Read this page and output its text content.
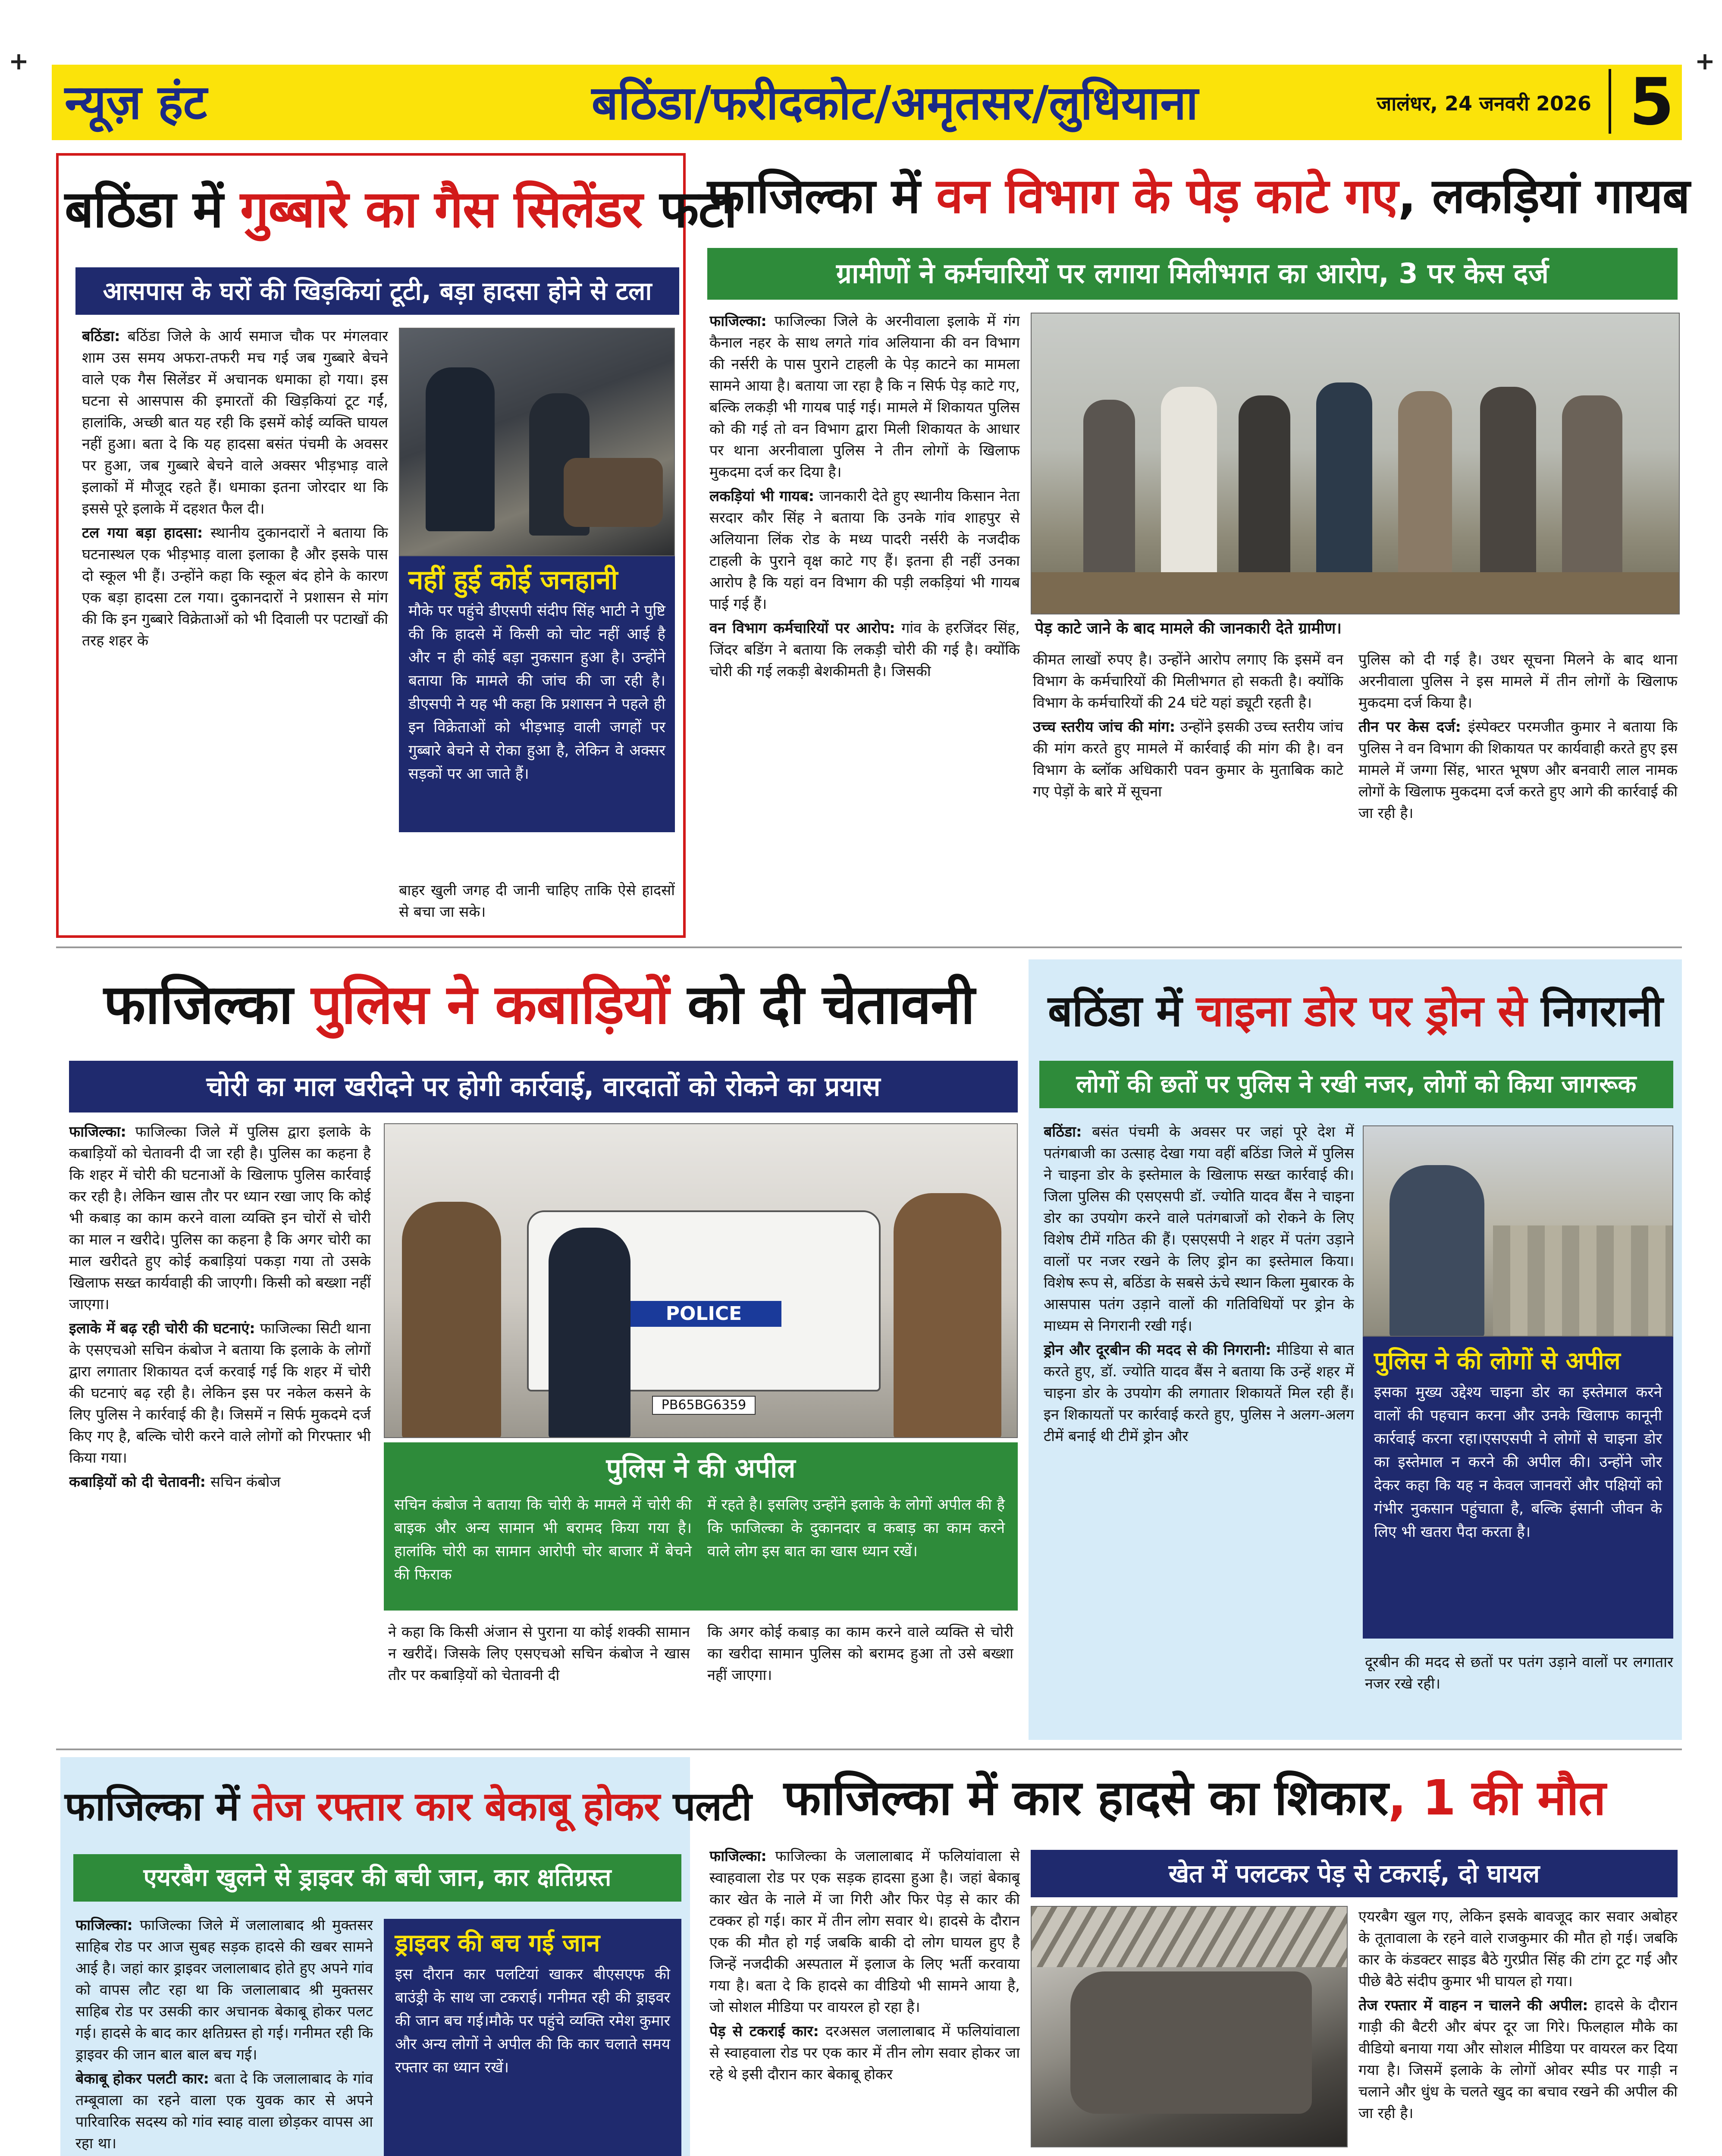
न्यूज़ हंट	बठिंडा/फरीदकोट/अमृतसर/लुधियाना	जालंधर, 24 जनवरी 2026 5
+	+
बठिंडा में गुब्बारे का गैस सिलेंडर फटा
आसपास के घरों की खिड़कियां टूटी, बड़ा हादसा होने से टला

बठिंडा: बठिंडा जिले के आर्य समाज चौक पर मंगलवार शाम उस समय अफरा-तफरी मच गई जब गुब्बारे बेचने वाले एक गैस सिलेंडर में अचानक धमाका हो गया। इस घटना से आसपास की इमारतों की खिड़कियां टूट गईं, हालांकि, अच्छी बात यह रही कि इसमें कोई व्यक्ति घायल नहीं हुआ। बता दे कि यह हादसा बसंत पंचमी के अवसर पर हुआ, जब गुब्बारे बेचने वाले अक्सर भीड़भाड़ वाले इलाकों में मौजूद रहते हैं। धमाका इतना जोरदार था कि इससे पूरे इलाके में दहशत फैल दी।

टल गया बड़ा हादसा: स्थानीय दुकानदारों ने बताया कि घटनास्थल एक भीड़भाड़ वाला इलाका है और इसके पास दो स्कूल भी हैं। उन्होंने कहा कि स्कूल बंद होने के कारण एक बड़ा हादसा टल गया। दुकानदारों ने प्रशासन से मांग की कि इन गुब्बारे विक्रेताओं को भी दिवाली पर पटाखों की तरह शहर के

नहीं हुई कोई जनहानी
मौके पर पहुंचे डीएसपी संदीप सिंह भाटी ने पुष्टि की कि हादसे में किसी को चोट नहीं आई है और न ही कोई बड़ा नुकसान हुआ है। उन्होंने बताया कि मामले की जांच की जा रही है। डीएसपी ने यह भी कहा कि प्रशासन ने पहले ही इन विक्रेताओं को भीड़भाड़ वाली जगहों पर गुब्बारे बेचने से रोका हुआ है, लेकिन वे अक्सर सड़कों पर आ जाते हैं।
बाहर खुली जगह दी जानी चाहिए ताकि ऐसे हादसों से बचा जा सके।
फाजिल्का में वन विभाग के पेड़ काटे गए, लकड़ियां गायब
ग्रामीणों ने कर्मचारियों पर लगाया मिलीभगत का आरोप, 3 पर केस दर्ज

फाजिल्का: फाजिल्का जिले के अरनीवाला इलाके में गंग कैनाल नहर के साथ लगते गांव अलियाना की वन विभाग की नर्सरी के पास पुराने टाहली के पेड़ काटने का मामला सामने आया है। बताया जा रहा है कि न सिर्फ पेड़ काटे गए, बल्कि लकड़ी भी गायब पाई गई। मामले में शिकायत पुलिस को की गई तो वन विभाग द्वारा मिली शिकायत के आधार पर थाना अरनीवाला पुलिस ने तीन लोगों के खिलाफ मुकदमा दर्ज कर दिया है।

लकड़ियां भी गायब: जानकारी देते हुए स्थानीय किसान नेता सरदार कौर सिंह ने बताया कि उनके गांव शाहपुर से अलियाना लिंक रोड के मध्य पादरी नर्सरी के नजदीक टाहली के पुराने वृक्ष काटे गए हैं। इतना ही नहीं उनका आरोप है कि यहां वन विभाग की पड़ी लकड़ियां भी गायब पाई गई हैं।

वन विभाग कर्मचारियों पर आरोप: गांव के हरजिंदर सिंह, जिंदर बडिंग ने बताया कि लकड़ी चोरी की गई है। क्योंकि चोरी की गई लकड़ी बेशकीमती है। जिसकी

पेड़ काटे जाने के बाद मामले की जानकारी देते ग्रामीण।

कीमत लाखों रुपए है। उन्होंने आरोप लगाए कि इसमें वन विभाग के कर्मचारियों की मिलीभगत हो सकती है। क्योंकि विभाग के कर्मचारियों की 24 घंटे यहां ड्यूटी रहती है।

उच्च स्तरीय जांच की मांग: उन्होंने इसकी उच्च स्तरीय जांच की मांग करते हुए मामले में कार्रवाई की मांग की है। वन विभाग के ब्लॉक अधिकारी पवन कुमार के मुताबिक काटे गए पेड़ों के बारे में सूचना

पुलिस को दी गई है। उधर सूचना मिलने के बाद थाना अरनीवाला पुलिस ने इस मामले में तीन लोगों के खिलाफ मुकदमा दर्ज किया है।

तीन पर केस दर्ज: इंस्पेक्टर परमजीत कुमार ने बताया कि पुलिस ने वन विभाग की शिकायत पर कार्यवाही करते हुए इस मामले में जग्गा सिंह, भारत भूषण और बनवारी लाल नामक लोगों के खिलाफ मुकदमा दर्ज करते हुए आगे की कार्रवाई की जा रही है।

फाजिल्का पुलिस ने कबाड़ियों को दी चेतावनी
चोरी का माल खरीदने पर होगी कार्रवाई, वारदातों को रोकने का प्रयास

फाजिल्का: फाजिल्का जिले में पुलिस द्वारा इलाके के कबाड़ियों को चेतावनी दी जा रही है। पुलिस का कहना है कि शहर में चोरी की घटनाओं के खिलाफ पुलिस कार्रवाई कर रही है। लेकिन खास तौर पर ध्यान रखा जाए कि कोई भी कबाड़ का काम करने वाला व्यक्ति इन चोरों से चोरी का माल न खरीदे। पुलिस का कहना है कि अगर चोरी का माल खरीदते हुए कोई कबाड़ियां पकड़ा गया तो उसके खिलाफ सख्त कार्यवाही की जाएगी। किसी को बख्शा नहीं जाएगा।

इलाके में बढ़ रही चोरी की घटनाएं: फाजिल्का सिटी थाना के एसएचओ सचिन कंबोज ने बताया कि इलाके के लोगों द्वारा लगातार शिकायत दर्ज करवाई गई कि शहर में चोरी की घटनाएं बढ़ रही है। लेकिन इस पर नकेल कसने के लिए पुलिस ने कार्रवाई की है। जिसमें न सिर्फ मुकदमे दर्ज किए गए है, बल्कि चोरी करने वाले लोगों को गिरफ्तार भी किया गया।

कबाड़ियों को दी चेतावनी: सचिन कंबोज

POLICE
PB65BG6359
पुलिस ने की अपील
सचिन कंबोज ने बताया कि चोरी के मामले में चोरी की बाइक और अन्य सामान भी बरामद किया गया है। हालांकि चोरी का सामान आरोपी चोर बाजार में बेचने की फिराक
में रहते है। इसलिए उन्होंने इलाके के लोगों अपील की है कि फाजिल्का के दुकानदार व कबाड़ का काम करने वाले लोग इस बात का खास ध्यान रखें।
ने कहा कि किसी अंजान से पुराना या कोई शक्की सामान न खरीदें। जिसके लिए एसएचओ सचिन कंबोज ने खास तौर पर कबाड़ियों को चेतावनी दी
कि अगर कोई कबाड़ का काम करने वाले व्यक्ति से चोरी का खरीदा सामान पुलिस को बरामद हुआ तो उसे बख्शा नहीं जाएगा।
बठिंडा में चाइना डोर पर ड्रोन से निगरानी
लोगों की छतों पर पुलिस ने रखी नजर, लोगों को किया जागरूक

बठिंडा: बसंत पंचमी के अवसर पर जहां पूरे देश में पतंगबाजी का उत्साह देखा गया वहीं बठिंडा जिले में पुलिस ने चाइना डोर के इस्तेमाल के खिलाफ सख्त कार्रवाई की। जिला पुलिस की एसएसपी डॉ. ज्योति यादव बैंस ने चाइना डोर का उपयोग करने वाले पतंगबाजों को रोकने के लिए विशेष टीमें गठित की हैं। एसएसपी ने शहर में पतंग उड़ाने वालों पर नजर रखने के लिए ड्रोन का इस्तेमाल किया। विशेष रूप से, बठिंडा के सबसे ऊंचे स्थान किला मुबारक के आसपास पतंग उड़ाने वालों की गतिविधियों पर ड्रोन के माध्यम से निगरानी रखी गई।

ड्रोन और दूरबीन की मदद से की निगरानी: मीडिया से बात करते हुए, डॉ. ज्योति यादव बैंस ने बताया कि उन्हें शहर में चाइना डोर के उपयोग की लगातार शिकायतें मिल रही हैं। इन शिकायतों पर कार्रवाई करते हुए, पुलिस ने अलग-अलग टीमें बनाई थी टीमें ड्रोन और

पुलिस ने की लोगों से अपील
इसका मुख्य उद्देश्य चाइना डोर का इस्तेमाल करने वालों की पहचान करना और उनके खिलाफ कानूनी कार्रवाई करना रहा।एसएसपी ने लोगों से चाइना डोर का इस्तेमाल न करने की अपील की। उन्होंने जोर देकर कहा कि यह न केवल जानवरों और पक्षियों को गंभीर नुकसान पहुंचाता है, बल्कि इंसानी जीवन के लिए भी खतरा पैदा करता है।
दूरबीन की मदद से छतों पर पतंग उड़ाने वालों पर लगातार नजर रखे रही।
फाजिल्का में तेज रफ्तार कार बेकाबू होकर पलटी
एयरबैग खुलने से ड्राइवर की बची जान, कार क्षतिग्रस्त

फाजिल्का: फाजिल्का जिले में जलालाबाद श्री मुक्तसर साहिब रोड पर आज सुबह सड़क हादसे की खबर सामने आई है। जहां कार ड्राइवर जलालाबाद होते हुए अपने गांव को वापस लौट रहा था कि जलालाबाद श्री मुक्तसर साहिब रोड पर उसकी कार अचानक बेकाबू होकर पलट गई। हादसे के बाद कार क्षतिग्रस्त हो गई। गनीमत रही कि ड्राइवर की जान बाल बाल बच गई।

बेकाबू होकर पलटी कार: बता दे कि जलालाबाद के गांव तम्बूवाला का रहने वाला एक युवक कार से अपने पारिवारिक सदस्य को गांव स्वाह वाला छोड़कर वापस आ रहा था।

ड्राइवर की बच गई जान
इस दौरान कार पलटियां खाकर बीएसएफ की बाउंड्री के साथ जा टकराई। गनीमत रही की ड्राइवर की जान बच गई।मौके पर पहुंचे व्यक्ति रमेश कुमार और अन्य लोगों ने अपील की कि कार चलाते समय रफ्तार का ध्यान रखें।
फाजिल्का में कार हादसे का शिकार, 1 की मौत

फाजिल्का: फाजिल्का के जलालाबाद में फलियांवाला से स्वाहवाला रोड पर एक सड़क हादसा हुआ है। जहां बेकाबू कार खेत के नाले में जा गिरी और फिर पेड़ से कार की टक्कर हो गई। कार में तीन लोग सवार थे। हादसे के दौरान एक की मौत हो गई जबकि बाकी दो लोग घायल हुए है जिन्हें नजदीकी अस्पताल में इलाज के लिए भर्ती करवाया गया है। बता दे कि हादसे का वीडियो भी सामने आया है, जो सोशल मीडिया पर वायरल हो रहा है।

पेड़ से टकराई कार: दरअसल जलालाबाद में फलियांवाला से स्वाहवाला रोड पर एक कार में तीन लोग सवार होकर जा रहे थे इसी दौरान कार बेकाबू होकर

खेत में पलटकर पेड़ से टकराई, दो घायल

एयरबैग खुल गए, लेकिन इसके बावजूद कार सवार अबोहर के तूतावाला के रहने वाले राजकुमार की मौत हो गई। जबकि कार के कंडक्टर साइड बैठे गुरप्रीत सिंह की टांग टूट गई और पीछे बैठे संदीप कुमार भी घायल हो गया।

तेज रफ्तार में वाहन न चालने की अपील: हादसे के दौरान गाड़ी की बैटरी और बंपर दूर जा गिरे। फिलहाल मौके का वीडियो बनाया गया और सोशल मीडिया पर वायरल कर दिया गया है। जिसमें इलाके के लोगों ओवर स्पीड पर गाड़ी न चलाने और धुंध के चलते खुद का बचाव रखने की अपील की जा रही है।
